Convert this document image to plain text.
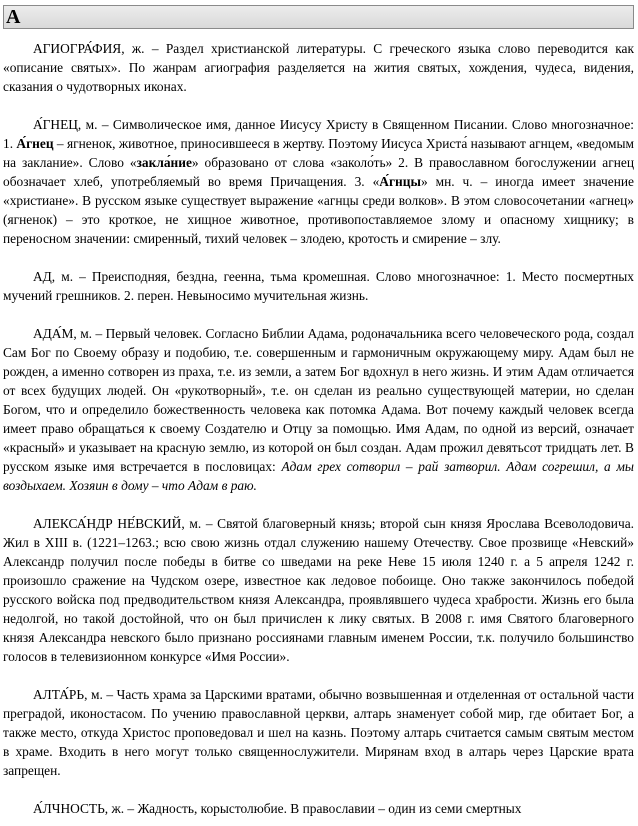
А

АГИОГРА́ФИЯ, ж. – Раздел христианской литературы. С греческого языка слово переводится как «описание святых». По жанрам агиография разделяется на жития святых, хождения, чудеса, видения, сказания о чудотворных иконах.

А́ГНЕЦ, м. – Символическое имя, данное Иисусу Христу в Священном Писании. Слово многозначное: 1. А́гнец – ягненок, животное, приносившееся в жертву. Поэтому Иисуса Христа́ называют агнцем, «ведомым на заклание». Слово «закла́ние» образовано от слова «заколо́ть» 2. В православном богослужении агнец обозначает хлеб, употребляемый во время Причащения. 3. «А́гнцы» мн. ч. – иногда имеет значение «христиане». В русском языке существует выражение «агнцы среди волков». В этом словосочетании «агнец» (ягненок) – это кроткое, не хищное животное, противопоставляемое злому и опасному хищнику; в переносном значении: смиренный, тихий человек – злодею, кротость и смирение – злу.

АД, м. – Преисподняя, бездна, геенна, тьма кромешная. Слово многозначное: 1. Место посмертных мучений грешников. 2. перен. Невыносимо мучительная жизнь.

АДА́М, м. – Первый человек. Согласно Библии Адама, родоначальника всего человеческого рода, создал Сам Бог по Своему образу и подобию, т.е. совершенным и гармоничным окружающему миру. Адам был не рожден, а именно сотворен из праха, т.е. из земли, а затем Бог вдохнул в него жизнь. И этим Адам отличается от всех будущих людей. Он «рукотворный», т.е. он сделан из реально существующей материи, но сделан Богом, что и определило божественность человека как потомка Адама. Вот почему каждый человек всегда имеет право обращаться к своему Создателю и Отцу за помощью. Имя Адам, по одной из версий, означает «красный» и указывает на красную землю, из которой он был создан. Адам прожил девятьсот тридцать лет. В русском языке имя встречается в пословицах: Адам грех сотворил – рай затворил. Адам согрешил, а мы воздыхаем. Хозяин в дому – что Адам в раю.

АЛЕКСА́НДР НЕ́ВСКИЙ, м. – Святой благоверный князь; второй сын князя Ярослава Всеволодовича. Жил в XIII в. (1221–1263.; всю свою жизнь отдал служению нашему Отечеству. Свое прозвище «Невский» Александр получил после победы в битве со шведами на реке Неве 15 июля 1240 г. а 5 апреля 1242 г. произошло сражение на Чудском озере, известное как ледовое побоище. Оно также закончилось победой русского войска под предводительством князя Александра, проявлявшего чудеса храбрости. Жизнь его была недолгой, но такой достойной, что он был причислен к лику святых. В 2008 г. имя Святого благоверного князя Александра невского было признано россиянами главным именем России, т.к. получило большинство голосов в телевизионном конкурсе «Имя России».

АЛТА́РЬ, м. – Часть храма за Царскими вратами, обычно возвышенная и отделенная от остальной части преградой, иконостасом. По учению православной церкви, алтарь знаменует собой мир, где обитает Бог, а также место, откуда Христос проповедовал и шел на казнь. Поэтому алтарь считается самым святым местом в храме. Входить в него могут только священнослужители. Мирянам вход в алтарь через Царские врата запрещен.

А́ЛЧНОСТЬ, ж. – Жадность, корыстолюбие. В православии – один из семи смертных
